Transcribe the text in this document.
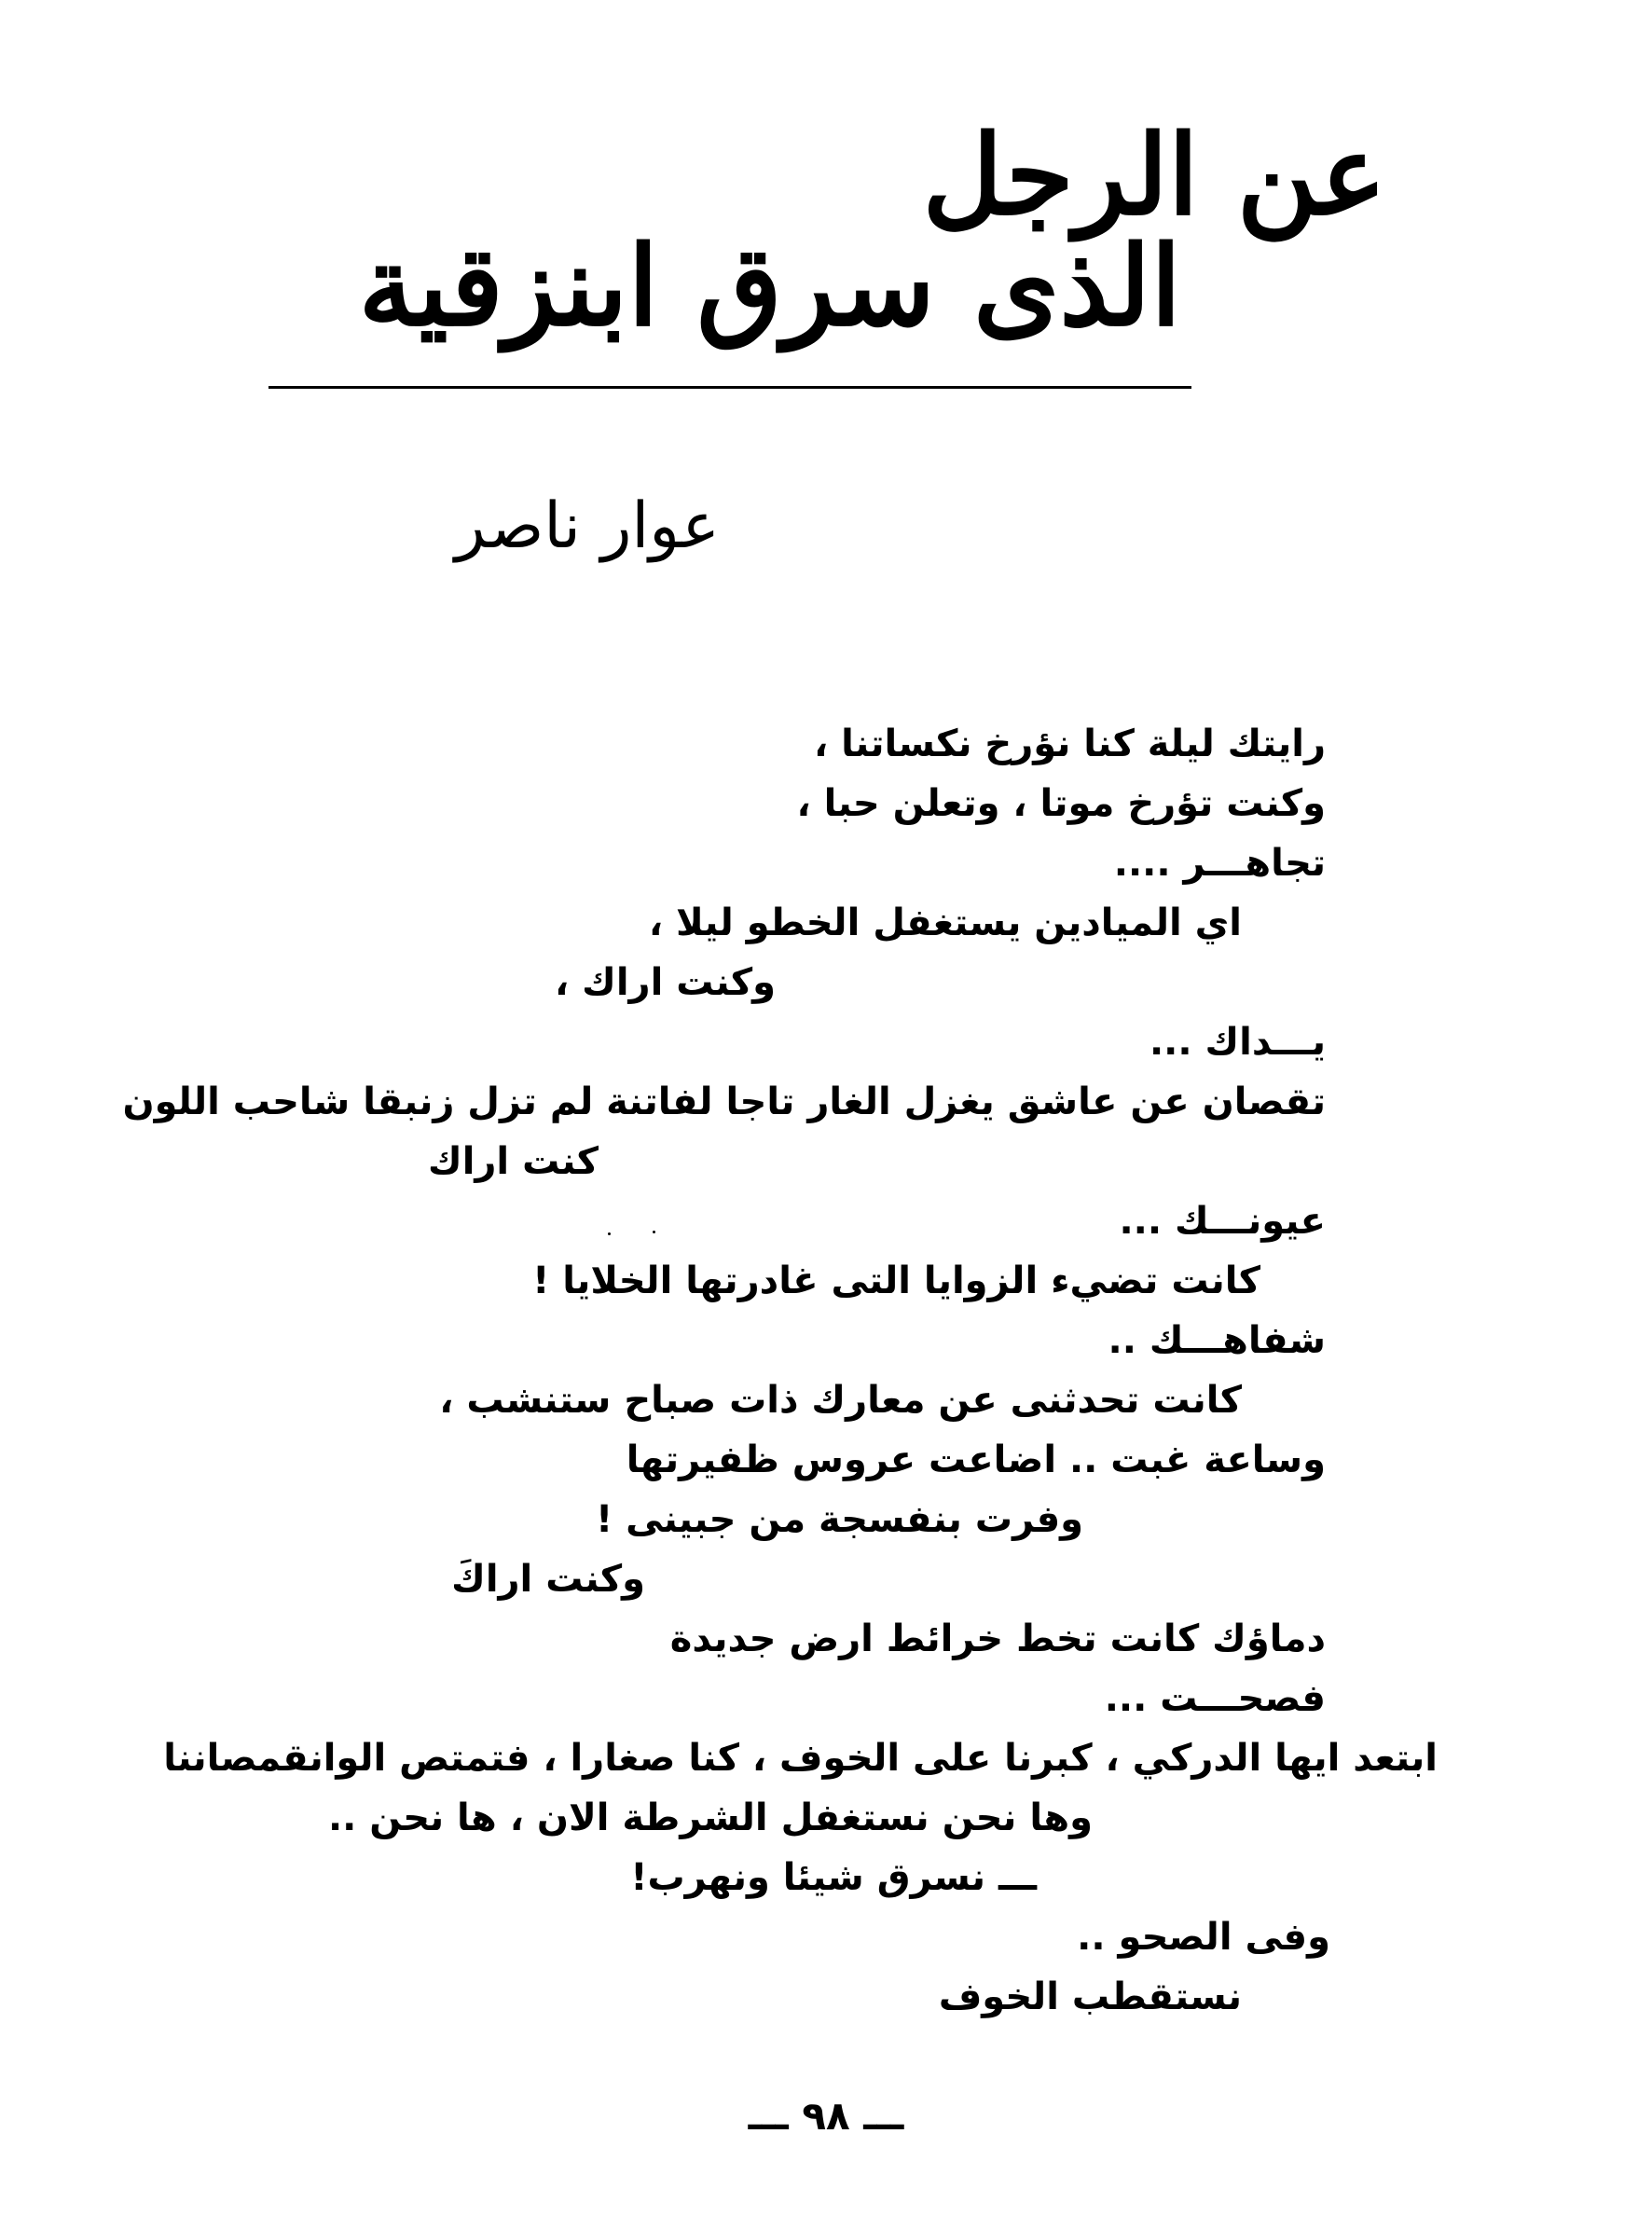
عن الرجل
الذى سرق ابنزقية
عوار ناصر
رايتك ليلة كنا نؤرخ نكساتنا ،
وكنت تؤرخ موتا ، وتعلن حبا ،
تجاهـــر ....
اي الميادين يستغفل الخطو ليلا ،
وكنت اراك ،
يـــداك ...
تقصان عن عاشق يغزل الغار تاجا لفاتنة لم تزل زنبقا شاحب اللون
كنت اراك
عيونـــك ...
كانت تضيء الزوايا التى غادرتها الخلايا !
شفاهـــك ..
كانت تحدثنى عن معارك ذات صباح ستنشب ،
وساعة غبت .. اضاعت عروس ظفيرتها
وفرت بنفسجة من جبينى !
وكنت اراكَ
دماؤك كانت تخط خرائط ارض جديدة
فصحـــت ...
ابتعد ايها الدركي ، كبرنا على الخوف ، كنا صغارا ، فتمتص الوانقمصاننا
وها نحن نستغفل الشرطة الان ، ها نحن ..
ـــ نسرق شيئا ونهرب!
وفى الصحو ..
نستقطب الخوف
ـــ ٩٨ ـــ
